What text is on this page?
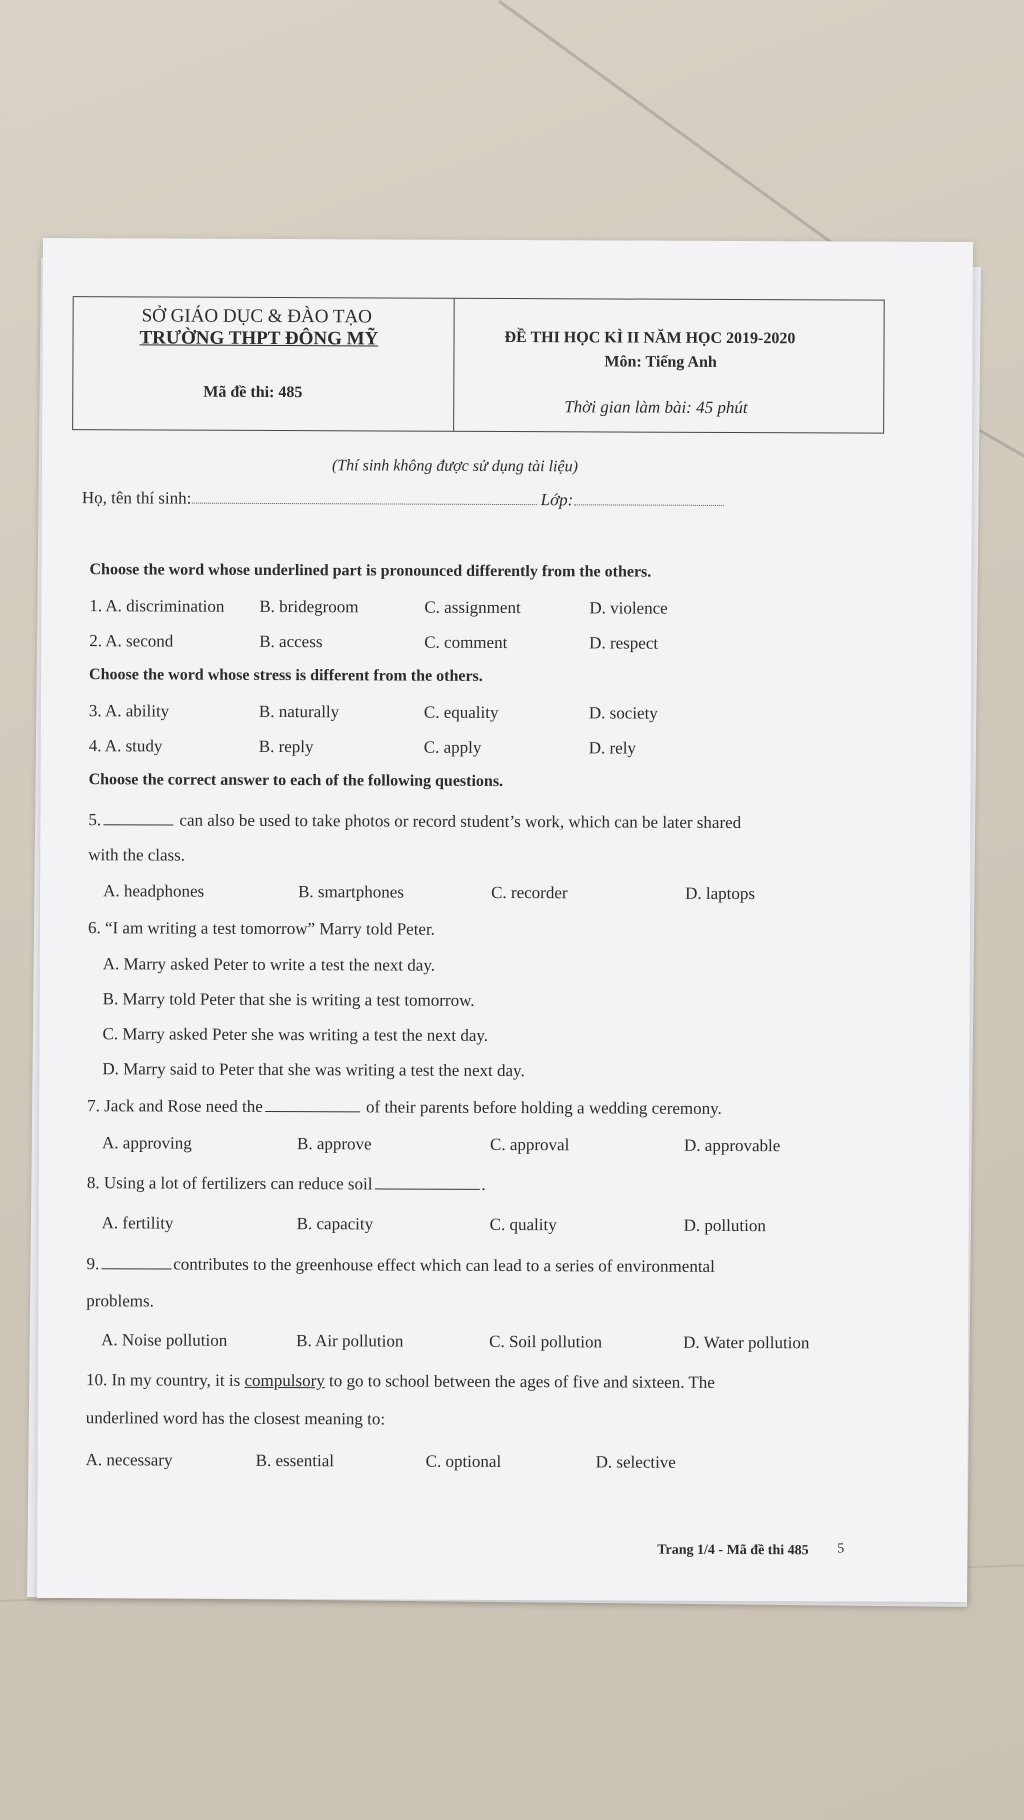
SỞ GIÁO DỤC & ĐÀO TẠO
TRƯỜNG THPT ĐÔNG MỸ
Mã đề thi: 485
ĐỀ THI HỌC KÌ II NĂM HỌC 2019-2020
Môn: Tiếng Anh
Thời gian làm bài: 45 phút
(Thí sinh không được sử dụng tài liệu)
Họ, tên thí sinh:	Lớp:
Choose the word whose underlined part is pronounced differently from the others.
1. A. discrimination B. bridegroom	C. assignment	D. violence
2. A. second	B. access	C. comment	D. respect
Choose the word whose stress is different from the others.
3. A. ability	B. naturally	C. equality	D. society
4. A. study	B. reply	C. apply	D. rely
Choose the correct answer to each of the following questions.
5.	can also be used to take photos or record student’s work, which can be later shared
with the class.
A. headphones	B. smartphones	C. recorder	D. laptops
6. “I am writing a test tomorrow” Marry told Peter.
A. Marry asked Peter to write a test the next day.
B. Marry told Peter that she is writing a test tomorrow.
C. Marry asked Peter she was writing a test the next day.
D. Marry said to Peter that she was writing a test the next day.
7. Jack and Rose need the	of their parents before holding a wedding ceremony.
A. approving	B. approve	C. approval	D. approvable
8. Using a lot of fertilizers can reduce soil	.
A. fertility	B. capacity	C. quality	D. pollution
9.	contributes to the greenhouse effect which can lead to a series of environmental
problems.
A. Noise pollution	B. Air pollution	C. Soil pollution	D. Water pollution
10. In my country, it is compulsory to go to school between the ages of five and sixteen. The
underlined word has the closest meaning to:
A. necessary	B. essential	C. optional	D. selective
Trang 1/4 - Mã đề thi 485 5
